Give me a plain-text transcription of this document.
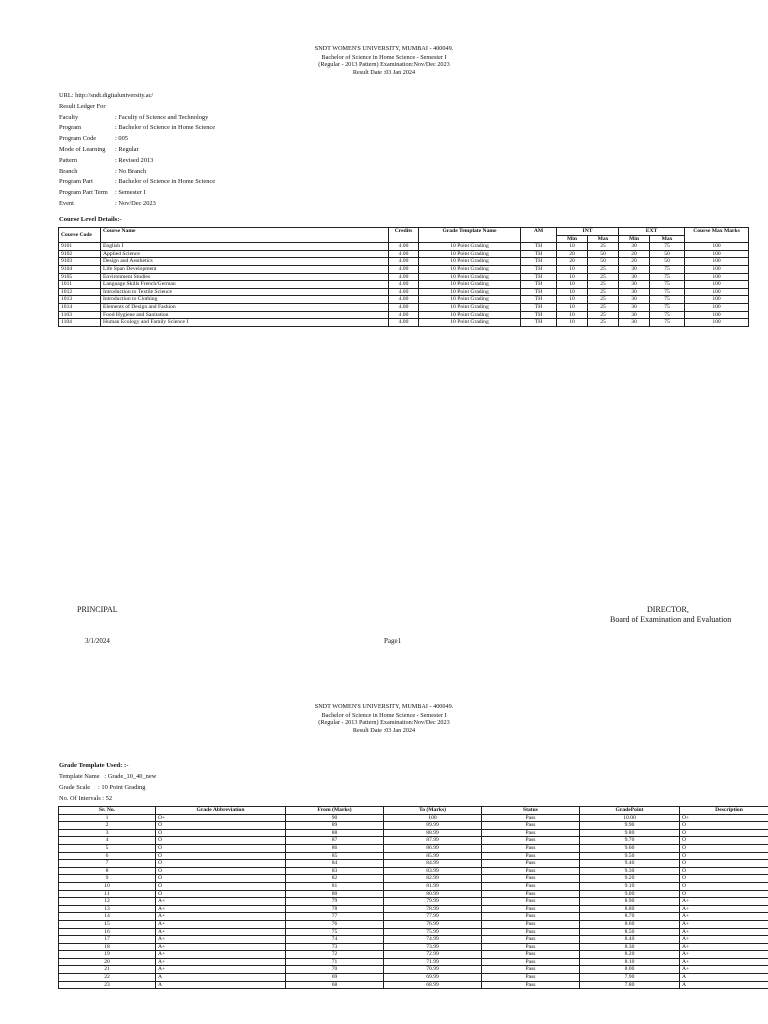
SNDT WOMEN'S UNIVERSITY, MUMBAI - 400049.
Bachelor of Science in Home Science - Semester I
(Regular - 2013 Pattern) Examination:Nov/Dec 2023
Result Date :03 Jan 2024
URL: http://sndt.digitaluniversity.ac/
Result Ledger For
Faculty	: Faculty of Science and Technology
Program	: Bachelor of Science in Home Science
Program Code	: 005
Mode of Learning	: Regular
Pattern	: Revised 2013
Branch	: No Branch
Program Part	: Bachelor of Science in Home Science
Program Part Term	: Semester I
Event	: Nov/Dec 2023
Course Level Details:-
Course Code	Course Name	Credits	Grade Template Name	AM	INT		EXT		Course Max Marks
					Min	Max	Min	Max	
9101	English I	4.00	10 Point Grading	TH	10	25	30	75	100
9102	Applied Science	4.00	10 Point Grading	TH	20	50	20	50	100
9103	Design and Aesthetics	4.00	10 Point Grading	TH	20	50	20	50	100
9104	Life Span Development	4.00	10 Point Grading	TH	10	25	30	75	100
9105	Environment Studies	4.00	10 Point Grading	TH	10	25	30	75	100
1011	Language Skills French/German	4.00	10 Point Grading	TH	10	25	30	75	100
1012	Introduction to Textile Science	4.00	10 Point Grading	TH	10	25	30	75	100
1013	Introduction to Clothing	4.00	10 Point Grading	TH	10	25	30	75	100
1014	Elements of Design and Fashion	4.00	10 Point Grading	TH	10	25	30	75	100
1103	Food Hygiene and Sanitation	4.00	10 Point Grading	TH	10	25	30	75	100
1104	Human Ecology and Family Science I	4.00	10 Point Grading	TH	10	25	30	75	100
PRINCIPAL	DIRECTOR,
Board of Examination and Evaluation
3/1/2024	Page1
SNDT WOMEN'S UNIVERSITY, MUMBAI - 400049.
Bachelor of Science in Home Science - Semester I
(Regular - 2013 Pattern) Examination:Nov/Dec 2023
Result Date :03 Jan 2024
Grade Template Used: :-
Template Name   : Grade_10_40_new
Grade Scale     : 10 Point Grading
No. Of Intervals : 52
Sr. No.	Grade Abbreviation	From (Marks)	To (Marks)	Status	GradePoint	Description
1	O+	90	100	Pass	10.00	O+
2	O	89	89.99	Pass	9.90	O
3	O	88	88.99	Pass	9.80	O
4	O	87	87.99	Pass	9.70	O
5	O	86	86.99	Pass	9.60	O
6	O	85	85.99	Pass	9.50	O
7	O	84	84.99	Pass	9.40	O
8	O	83	83.99	Pass	9.30	O
9	O	82	82.99	Pass	9.20	O
10	O	81	81.99	Pass	9.10	O
11	O	80	80.99	Pass	9.00	O
12	A+	79	79.99	Pass	8.90	A+
13	A+	78	78.99	Pass	8.80	A+
14	A+	77	77.99	Pass	8.70	A+
15	A+	76	76.99	Pass	8.60	A+
16	A+	75	75.99	Pass	8.50	A+
17	A+	74	74.99	Pass	8.40	A+
18	A+	73	73.99	Pass	8.30	A+
19	A+	72	72.99	Pass	8.20	A+
20	A+	71	71.99	Pass	8.10	A+
21	A+	70	70.99	Pass	8.00	A+
22	A	69	69.99	Pass	7.90	A
23	A	68	68.99	Pass	7.80	A
